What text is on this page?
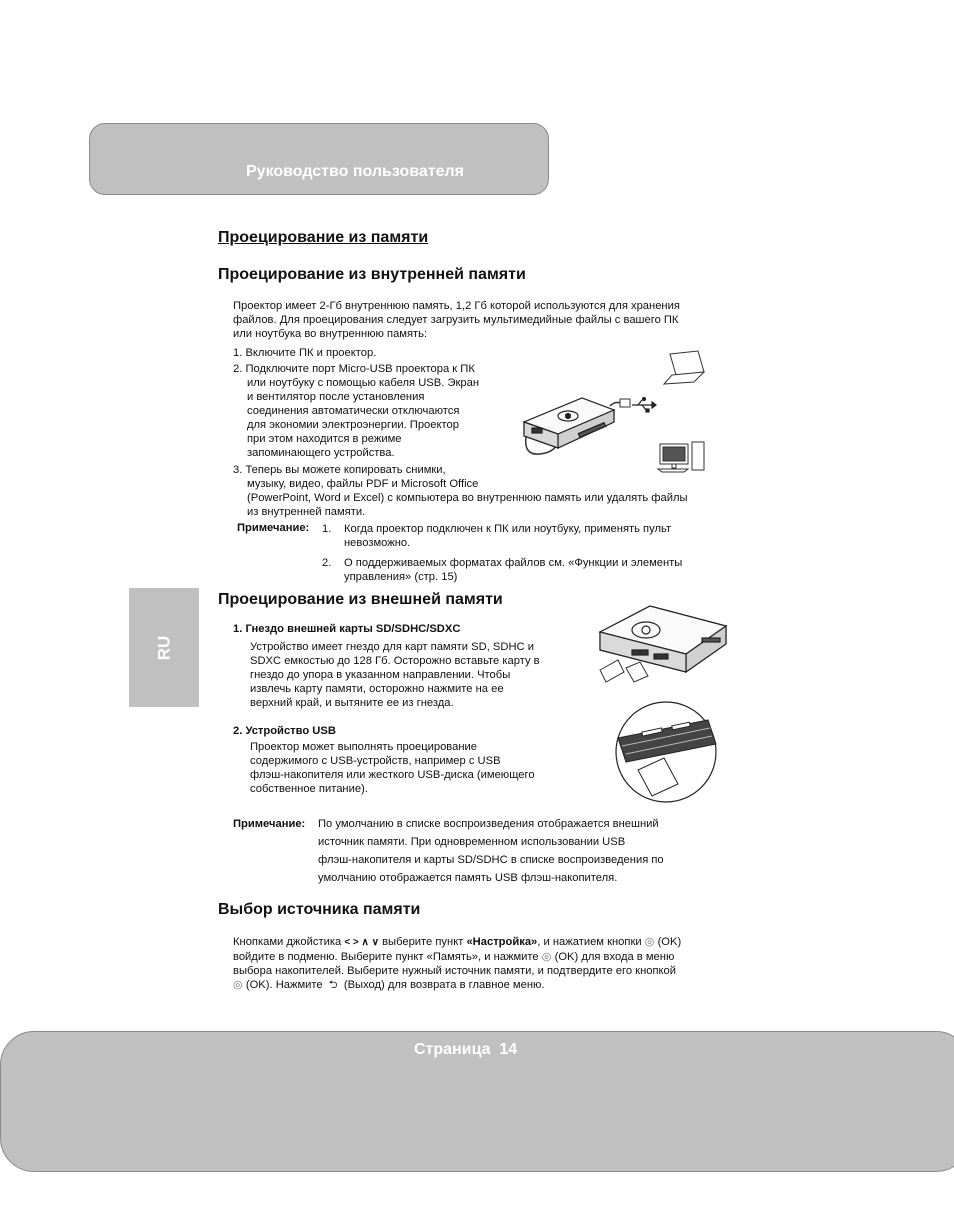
Руководство пользователя
RU
Проецирование из памяти
Проецирование из внутренней памяти

Проектор имеет 2-Гб внутреннюю память, 1,2 Гб которой используются для хранения

файлов. Для проецирования следует загрузить мультимедийные файлы с вашего ПК

или ноутбука во внутреннюю память:

1. Включите ПК и проектор.

2. Подключите порт Micro-USB проектора к ПК

или ноутбуку с помощью кабеля USB. Экран

и вентилятор после установления

соединения автоматически отключаются

для экономии электроэнергии. Проектор

при этом находится в режиме

запоминающего устройства.

3. Теперь вы можете копировать снимки,

музыку, видео, файлы PDF и Microsoft Office

(PowerPoint, Word и Excel) с компьютера во внутреннюю память или удалять файлы

из внутренней памяти.

Примечание: 1. Когда проектор подключен к ПК или ноутбуку, применять пульт

невозможно.

2. О поддерживаемых форматах файлов см. «Функции и элементы

управления» (стр. 15)

Проецирование из внешней памяти
1. Гнездо внешней карты SD/SDHC/SDXC

Устройство имеет гнездо для карт памяти SD, SDHC и

SDXC емкостью до 128 Гб. Осторожно вставьте карту в

гнездо до упора в указанном направлении. Чтобы

извлечь карту памяти, осторожно нажмите на ее

верхний край, и вытяните ее из гнезда.

2. Устройство USB

Проектор может выполнять проецирование

содержимого с USB-устройств, например с USB

флэш-накопителя или жесткого USB-диска (имеющего

собственное питание).

Примечание: По умолчанию в списке воспроизведения отображается внешний
источник памяти. При одновременном использовании USB
флэш-накопителя и карты SD/SDHC в списке воспроизведения по
умолчанию отображается память USB флэш-накопителя.
Выбор источника памяти
Кнопками джойстика < > ∧ ∨ выберите пункт «Настройка», и нажатием кнопки ◎ (OK)
войдите в подменю. Выберите пункт «Память», и нажмите ◎ (OK) для входа в меню
выбора накопителей. Выберите нужный источник памяти, и подтвердите его кнопкой
◎ (OK). Нажмите ⮌ (Выход) для возврата в главное меню.
Страница  14
